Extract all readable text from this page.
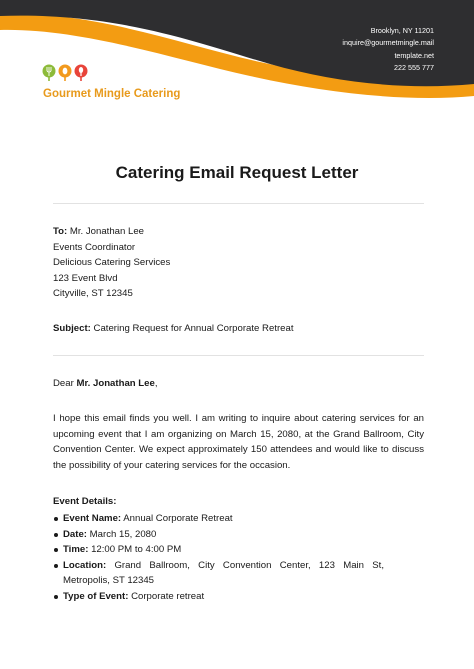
Brooklyn, NY 11201
inquire@gourmetmingle.mail
template.net
222 555 777
Gourmet Mingle Catering
Catering Email Request Letter
To: Mr. Jonathan Lee
Events Coordinator
Delicious Catering Services
123 Event Blvd
Cityville, ST 12345
Subject: Catering Request for Annual Corporate Retreat
Dear Mr. Jonathan Lee,

I hope this email finds you well. I am writing to inquire about catering services for an upcoming event that I am organizing on March 15, 2080, at the Grand Ballroom, City Convention Center. We expect approximately 150 attendees and would like to discuss the possibility of your catering services for the occasion.

Event Details:
Event Name: Annual Corporate Retreat
Date: March 15, 2080
Time: 12:00 PM to 4:00 PM
Location: Grand Ballroom, City Convention Center, 123 Main St, Metropolis, ST 12345
Type of Event: Corporate retreat
